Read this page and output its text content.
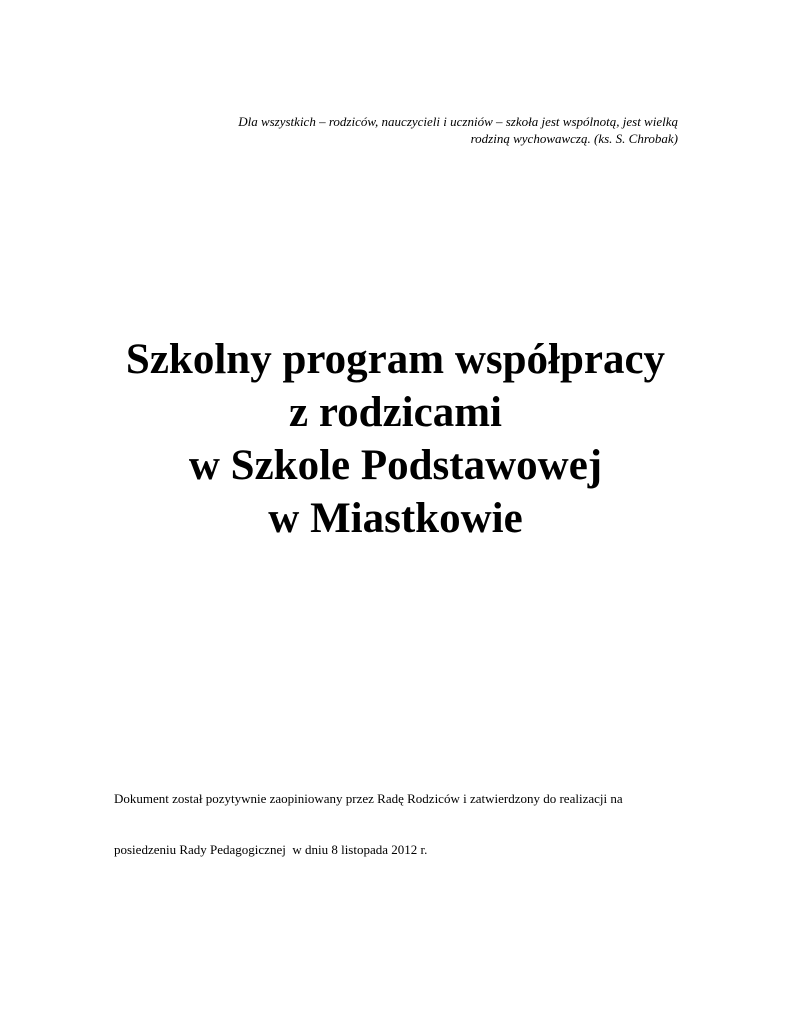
Dla wszystkich – rodziców, nauczycieli i uczniów – szkoła jest wspólnotą, jest wielką
rodziną wychowawczą. (ks. S. Chrobak)
Szkolny program współpracy
z rodzicami
w Szkole Podstawowej
w Miastkowie

Dokument został pozytywnie zaopiniowany przez Radę Rodziców i zatwierdzony do realizacji na

posiedzeniu Rady Pedagogicznej  w dniu 8 listopada 2012 r.
